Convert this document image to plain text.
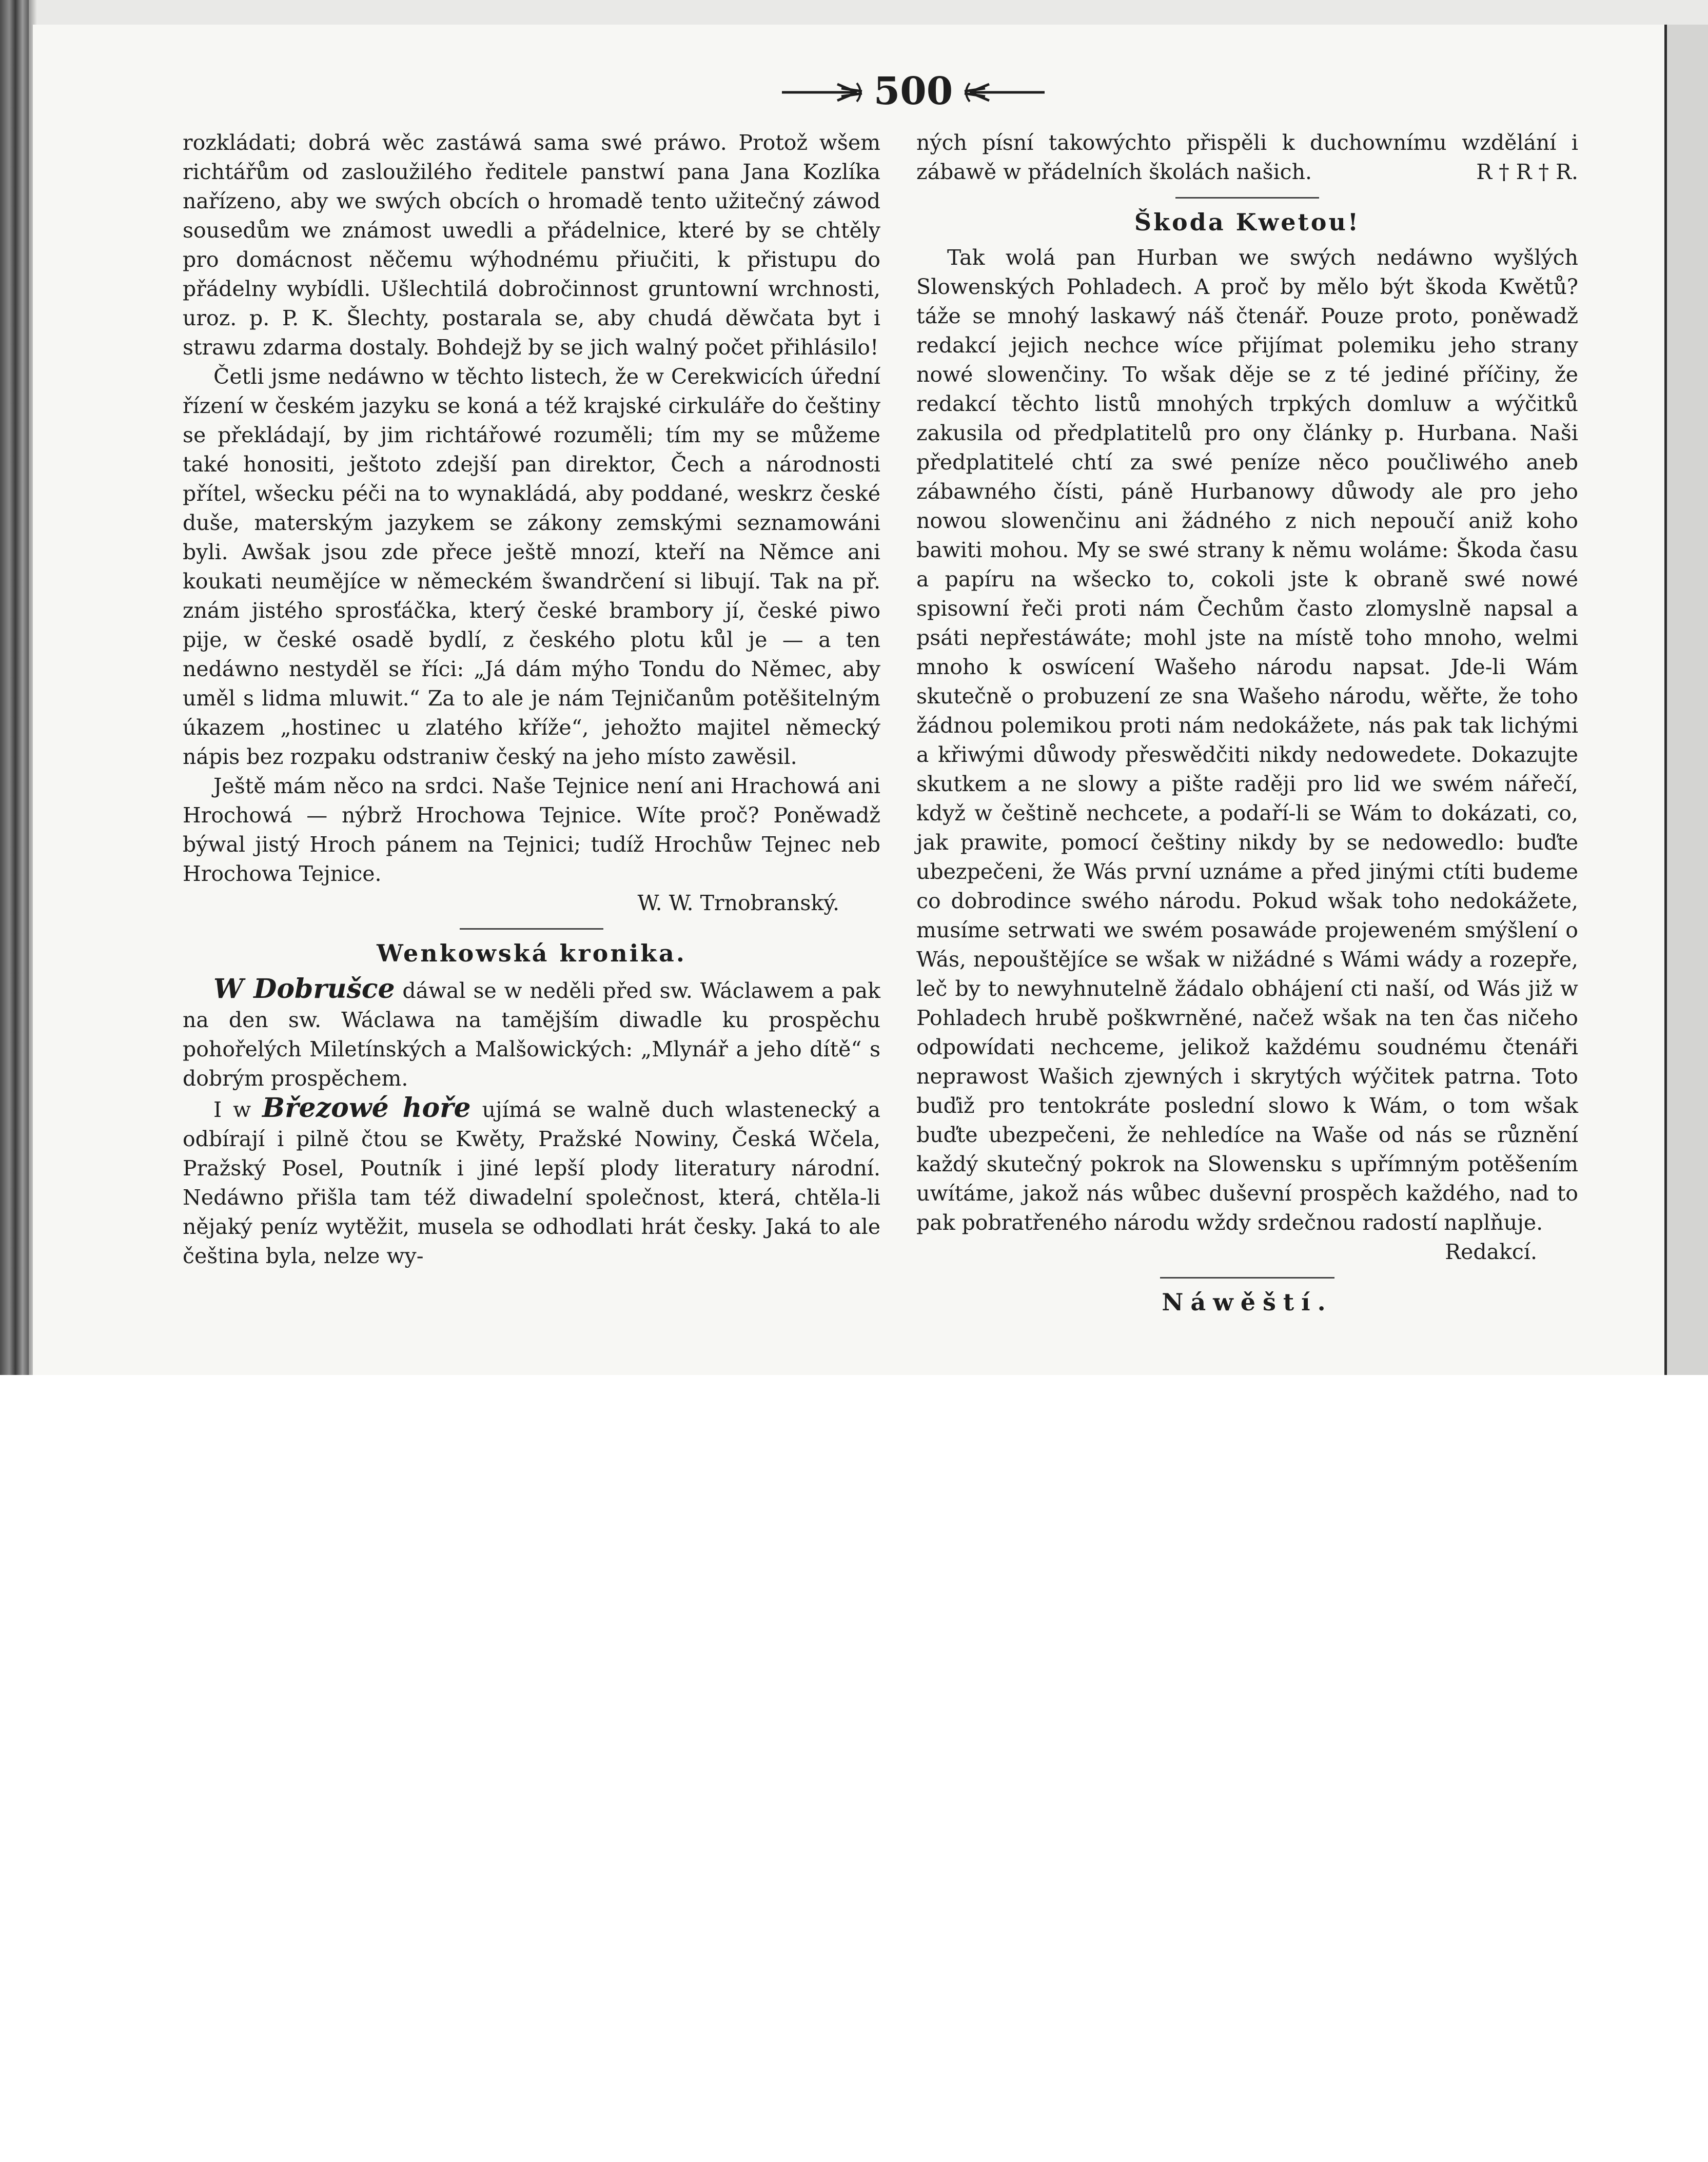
500

rozkládati; dobrá wěc zastáwá sama swé práwo. Protož wšem richtářům od zasloužilého ředitele panstwí pana Jana Kozlíka nařízeno, aby we swých obcích o hromadě tento užitečný záwod sousedům we známost uwedli a přádelnice, které by se chtěly pro domácnost něčemu wýhodnému přiučiti, k přistupu do přádelny wybídli. Ušlechtilá dobročinnost gruntowní wrchnosti, uroz. p. P. K. Šlechty, postarala se, aby chudá děwčata byt i strawu zdarma dostaly. Bohdejž by se jich walný počet přihlásilo!

Četli jsme nedáwno w těchto listech, že w Cerekwicích úřední řízení w českém jazyku se koná a též krajské cirkuláře do češtiny se překládají, by jim richtářowé rozuměli; tím my se můžeme také honositi, ještoto zdejší pan direktor, Čech a národnosti přítel, wšecku péči na to wynakládá, aby poddané, weskrz české duše, materským jazykem se zákony zemskými seznamowáni byli. Awšak jsou zde přece ještě mnozí, kteří na Němce ani koukati neumějíce w německém šwandrčení si libují. Tak na př. znám jistého sprosťáčka, který české brambory jí, české piwo pije, w české osadě bydlí, z českého plotu kůl je — a ten nedáwno nestyděl se říci: „Já dám mýho Tondu do Němec, aby uměl s lidma mluwit.“ Za to ale je nám Tejničanům potěšitelným úkazem „hostinec u zlatého kříže“, jehožto majitel německý nápis bez rozpaku odstraniw český na jeho místo zawěsil.

Ještě mám něco na srdci. Naše Tejnice není ani Hrachowá ani Hrochowá — nýbrž Hrochowa Tejnice. Wíte proč? Poněwadž býwal jistý Hroch pánem na Tejnici; tudíž Hrochůw Tejnec neb Hrochowa Tejnice.

W. W. Trnobranský.

Wenkowská kronika.

W Dobrušce dáwal se w neděli před sw. Wáclawem a pak na den sw. Wáclawa na tamějším diwadle ku prospěchu pohořelých Miletínských a Malšowických: „Mlynář a jeho dítě“ s dobrým prospěchem.

I w Březowé hoře ujímá se walně duch wlastenecký a odbírají i pilně čtou se Kwěty, Pražské Nowiny, Česká Wčela, Pražský Posel, Poutník i jiné lepší plody literatury národní. Nedáwno přišla tam též diwadelní společnost, která, chtěla-li nějaký peníz wytěžit, musela se odhodlati hrát česky. Jaká to ale čeština byla, nelze wy-

ných písní takowýchto přispěli k duchownímu wzdělání i zábawě w přádelních školách našich.	R † R † R.

Škoda Kwetou!

Tak wolá pan Hurban we swých nedáwno wyšlých Slowenských Pohladech. A proč by mělo být škoda Kwětů? táže se mnohý laskawý náš čtenář. Pouze proto, poněwadž redakcí jejich nechce wíce přijímat polemiku jeho strany nowé slowenčiny. To wšak děje se z té jediné příčiny, že redakcí těchto listů mnohých trpkých domluw a wýčitků zakusila od předplatitelů pro ony články p. Hurbana. Naši předplatitelé chtí za swé peníze něco poučliwého aneb zábawného čísti, páně Hurbanowy důwody ale pro jeho nowou slowenčinu ani žádného z nich nepoučí aniž koho bawiti mohou. My se swé strany k němu woláme: Škoda času a papíru na wšecko to, cokoli jste k obraně swé nowé spisowní řeči proti nám Čechům často zlomyslně napsal a psáti nepřestáwáte; mohl jste na místě toho mnoho, welmi mnoho k oswícení Wašeho národu napsat. Jde-li Wám skutečně o probuzení ze sna Wašeho národu, wěřte, že toho žádnou polemikou proti nám nedokážete, nás pak tak lichými a křiwými důwody přeswědčiti nikdy nedowedete. Dokazujte skutkem a ne slowy a pište raději pro lid we swém nářečí, když w češtině nechcete, a podaří-li se Wám to dokázati, co, jak prawite, pomocí češtiny nikdy by se nedowedlo: buďte ubezpečeni, že Wás první uznáme a před jinými ctíti budeme co dobrodince swého národu. Pokud wšak toho nedokážete, musíme setrwati we swém posawáde projeweném smýšlení o Wás, nepouštějíce se wšak w nižádné s Wámi wády a rozepře, leč by to newyhnutelně žádalo obhájení cti naší, od Wás již w Pohladech hrubě poškwrněné, načež wšak na ten čas ničeho odpowídati nechceme, jelikož každému soudnému čtenáři neprawost Wašich zjewných i skrytých wýčitek patrna. Toto buďiž pro tentokráte poslední slowo k Wám, o tom wšak buďte ubezpečeni, že nehledíce na Waše od nás se různění každý skutečný pokrok na Slowensku s upřímným potěšením uwítáme, jakož nás wůbec duševní prospěch každého, nad to pak pobratřeného národu wždy srdečnou radostí naplňuje.

Redakcí.

Náwěští.
